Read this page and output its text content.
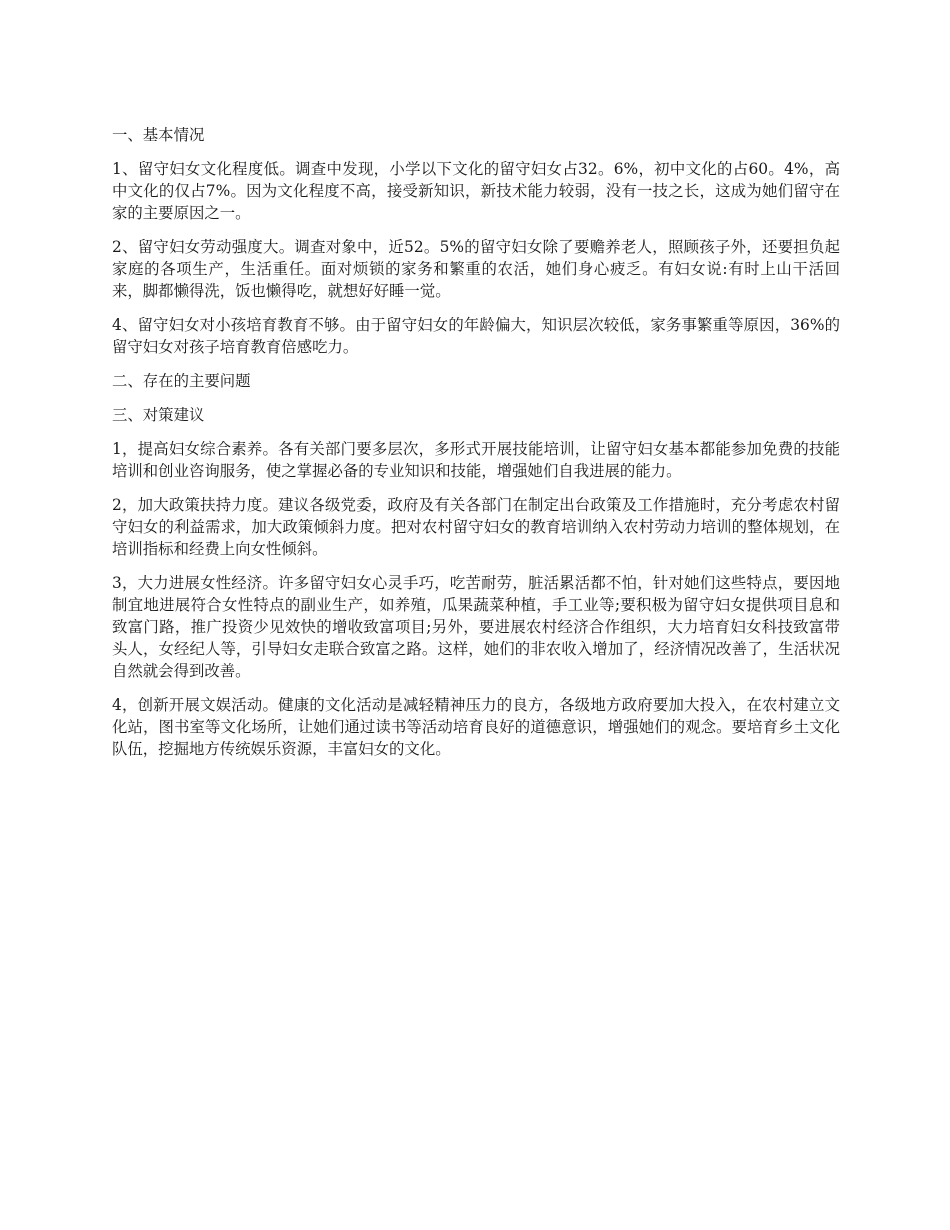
一、基本情况

1、留守妇女文化程度低。调查中发现，小学以下文化的留守妇女占32。6%，初中文化的占60。4%，高中文化的仅占7%。因为文化程度不高，接受新知识，新技术能力较弱，没有一技之长，这成为她们留守在家的主要原因之一。

2、留守妇女劳动强度大。调查对象中，近52。5%的留守妇女除了要赡养老人，照顾孩子外，还要担负起家庭的各项生产，生活重任。面对烦锁的家务和繁重的农活，她们身心疲乏。有妇女说:有时上山干活回来，脚都懒得洗，饭也懒得吃，就想好好睡一觉。

4、留守妇女对小孩培育教育不够。由于留守妇女的年龄偏大，知识层次较低，家务事繁重等原因，36%的留守妇女对孩子培育教育倍感吃力。

二、存在的主要问题

三、对策建议

1，提高妇女综合素养。各有关部门要多层次，多形式开展技能培训，让留守妇女基本都能参加免费的技能培训和创业咨询服务，使之掌握必备的专业知识和技能，增强她们自我进展的能力。

2，加大政策扶持力度。建议各级党委，政府及有关各部门在制定出台政策及工作措施时，充分考虑农村留守妇女的利益需求，加大政策倾斜力度。把对农村留守妇女的教育培训纳入农村劳动力培训的整体规划，在培训指标和经费上向女性倾斜。

3，大力进展女性经济。许多留守妇女心灵手巧，吃苦耐劳，脏活累活都不怕，针对她们这些特点，要因地制宜地进展符合女性特点的副业生产，如养殖，瓜果蔬菜种植，手工业等;要积极为留守妇女提供项目息和致富门路，推广投资少见效快的增收致富项目;另外，要进展农村经济合作组织，大力培育妇女科技致富带头人，女经纪人等，引导妇女走联合致富之路。这样，她们的非农收入增加了，经济情况改善了，生活状况自然就会得到改善。

4，创新开展文娱活动。健康的文化活动是减轻精神压力的良方，各级地方政府要加大投入，在农村建立文化站，图书室等文化场所，让她们通过读书等活动培育良好的道德意识，增强她们的观念。要培育乡土文化队伍，挖掘地方传统娱乐资源，丰富妇女的文化。
